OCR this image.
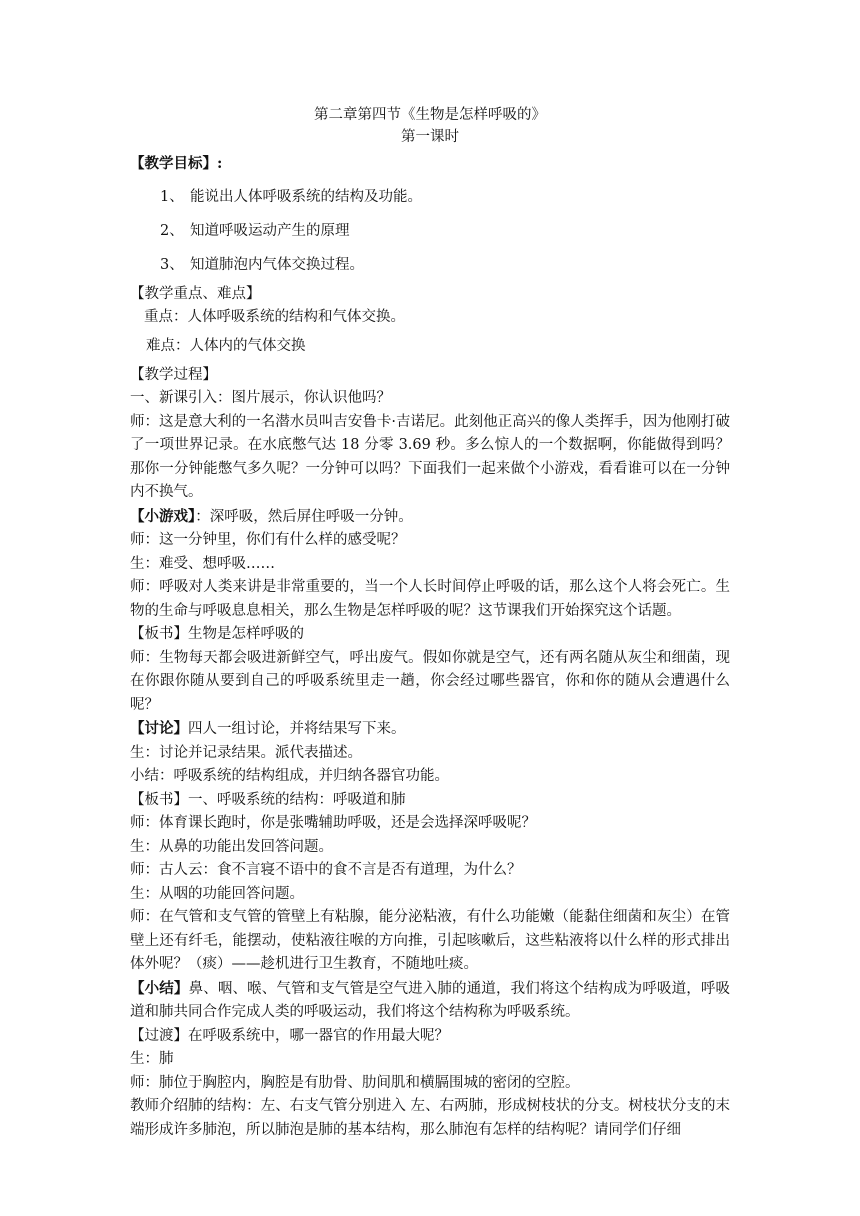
第二章第四节《生物是怎样呼吸的》

第一课时

【教学目标】:

1、 能说出人体呼吸系统的结构及功能。

2、 知道呼吸运动产生的原理

3、 知道肺泡内气体交换过程。

【教学重点、难点】

重点：人体呼吸系统的结构和气体交换。

难点：人体内的气体交换

【教学过程】

一、新课引入：图片展示，你认识他吗？

师：这是意大利的一名潜水员叫吉安鲁卡·吉诺尼。此刻他正高兴的像人类挥手，因为他刚打破了一项世界记录。在水底憋气达 18 分零 3.69 秒。多么惊人的一个数据啊，你能做得到吗？那你一分钟能憋气多久呢？一分钟可以吗？下面我们一起来做个小游戏，看看谁可以在一分钟内不换气。

【小游戏】：深呼吸，然后屏住呼吸一分钟。

师：这一分钟里，你们有什么样的感受呢？

生：难受、想呼吸……

师：呼吸对人类来讲是非常重要的，当一个人长时间停止呼吸的话，那么这个人将会死亡。生物的生命与呼吸息息相关，那么生物是怎样呼吸的呢？这节课我们开始探究这个话题。

【板书】生物是怎样呼吸的

师：生物每天都会吸进新鲜空气，呼出废气。假如你就是空气，还有两名随从灰尘和细菌，现在你跟你随从要到自己的呼吸系统里走一趟，你会经过哪些器官，你和你的随从会遭遇什么呢？

【讨论】四人一组讨论，并将结果写下来。

生：讨论并记录结果。派代表描述。

小结：呼吸系统的结构组成，并归纳各器官功能。

【板书】一、呼吸系统的结构：呼吸道和肺

师：体育课长跑时，你是张嘴辅助呼吸，还是会选择深呼吸呢？

生：从鼻的功能出发回答问题。

师：古人云：食不言寝不语中的食不言是否有道理，为什么？

生：从咽的功能回答问题。

师：在气管和支气管的管壁上有粘腺，能分泌粘液，有什么功能嫩（能黏住细菌和灰尘）在管壁上还有纤毛，能摆动，使粘液往喉的方向推，引起咳嗽后，这些粘液将以什么样的形式排出体外呢？（痰）——趁机进行卫生教育，不随地吐痰。

【小结】鼻、咽、喉、气管和支气管是空气进入肺的通道，我们将这个结构成为呼吸道，呼吸道和肺共同合作完成人类的呼吸运动，我们将这个结构称为呼吸系统。

【过渡】在呼吸系统中，哪一器官的作用最大呢？

生：肺

师：肺位于胸腔内，胸腔是有肋骨、肋间肌和横膈围城的密闭的空腔。

教师介绍肺的结构：左、右支气管分别进入 左、右两肺，形成树枝状的分支。树枝状分支的末端形成许多肺泡，所以肺泡是肺的基本结构，那么肺泡有怎样的结构呢？请同学们仔细
